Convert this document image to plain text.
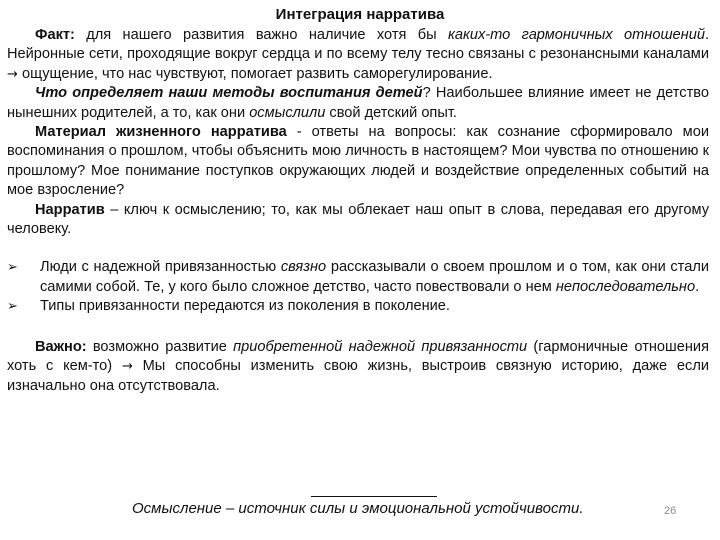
Интеграция нарратива

Факт: для нашего развития важно наличие хотя бы каких-то гармоничных отношений. Нейронные сети, проходящие вокруг сердца и по всему телу тесно связаны с резонансными каналами → ощущение, что нас чувствуют, помогает развить саморегулирование.

Что определяет наши методы воспитания детей? Наибольшее влияние имеет не детство нынешних родителей, а то, как они осмыслили свой детский опыт.

Материал жизненного нарратива - ответы на вопросы: как сознание сформировало мои воспоминания о прошлом, чтобы объяснить мою личность в настоящем? Мои чувства по отношению к прошлому? Мое понимание поступков окружающих людей и воздействие определенных событий на мое взросление?

Нарратив – ключ к осмыслению; то, как мы облекает наш опыт в слова, передавая его другому человеку.

➢	Люди с надежной привязанностью связно рассказывали о своем прошлом и о том, как они стали самими собой. Те, у кого было сложное детство, часто повествовали о нем непоследовательно.
➢	Типы привязанности передаются из поколения в поколение.

Важно: возможно развитие приобретенной надежной привязанности (гармоничные отношения хоть с кем-то) → Мы способны изменить свою жизнь, выстроив связную историю, даже если изначально она отсутствовала.

Осмысление – источник силы и эмоциональной устойчивости.	26
